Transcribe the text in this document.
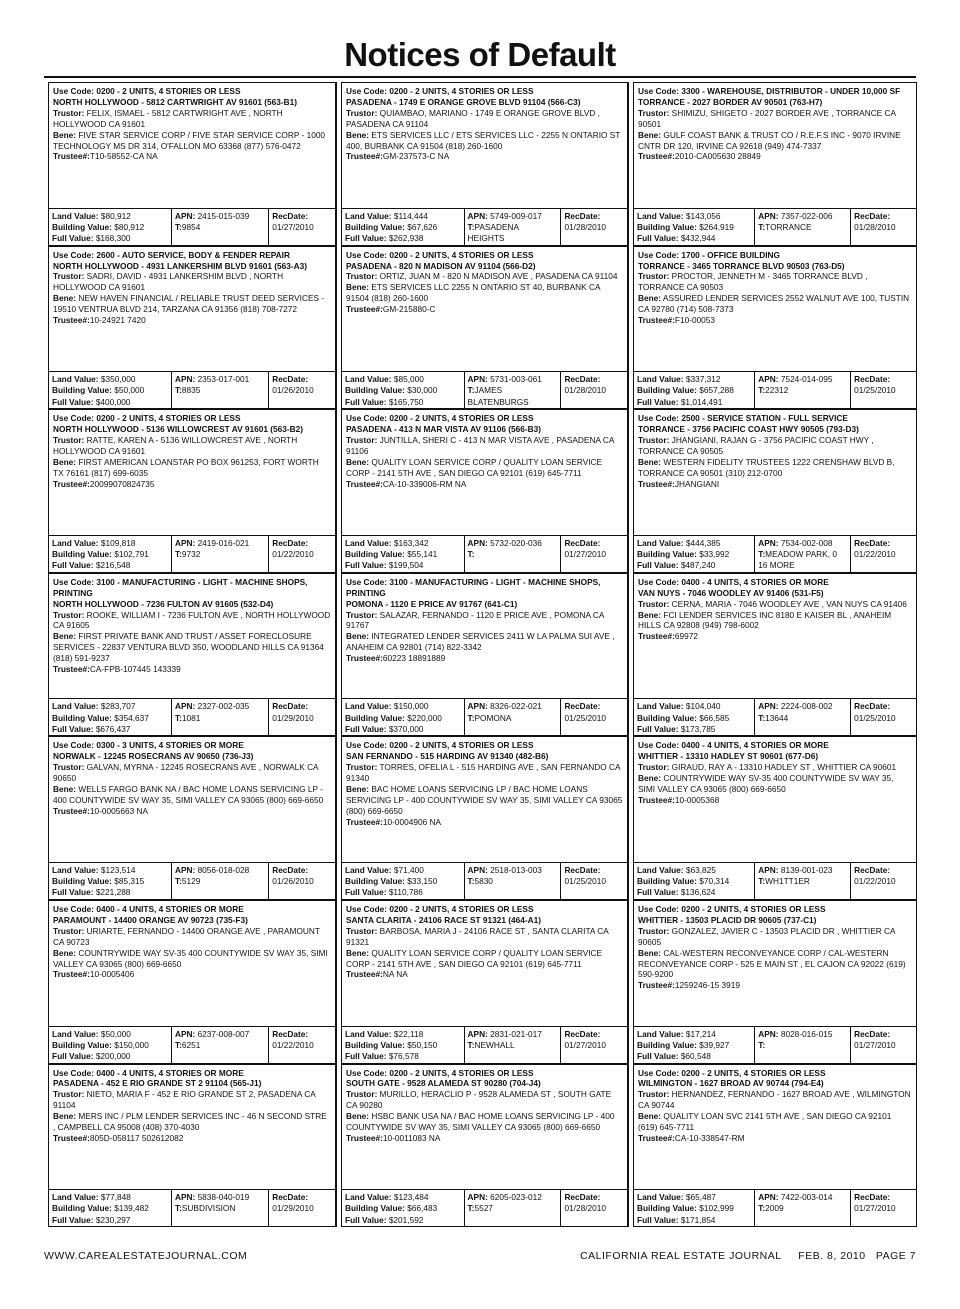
Notices of Default
Use Code: 0200 - 2 UNITS, 4 STORIES OR LESS
NORTH HOLLYWOOD - 5812 CARTWRIGHT AV 91601 (563-B1)
Trustor: FELIX, ISMAEL - 5812 CARTWRIGHT AVE , NORTH HOLLYWOOD CA 91601
Bene: FIVE STAR SERVICE CORP / FIVE STAR SERVICE CORP - 1000 TECHNOLOGY MS DR 314, O'FALLON MO 63368 (877) 576-0472
Trustee#:T10-58552-CA NA
Land Value: $80,912
Building Value: $80,912
Full Value: $168,300
APN: 2415-015-039
T:9854
RecDate:
01/27/2010
Use Code: 0200 - 2 UNITS, 4 STORIES OR LESS
PASADENA - 1749 E ORANGE GROVE BLVD 91104 (566-C3)
Trustor: QUIAMBAO, MARIANO - 1749 E ORANGE GROVE BLVD , PASADENA CA 91104
Bene: ETS SERVICES LLC / ETS SERVICES LLC - 2255 N ONTARIO ST 400, BURBANK CA 91504 (818) 260-1600
Trustee#:GM-237573-C NA
Land Value: $114,444
Building Value: $67,626
Full Value: $262,938
APN: 5749-009-017
T:PASADENA HEIGHTS
RecDate:
01/28/2010
Use Code: 3300 - WAREHOUSE, DISTRIBUTOR - UNDER 10,000 SF
TORRANCE - 2027 BORDER AV 90501 (763-H7)
Trustor: SHIMIZU, SHIGETO - 2027 BORDER AVE , TORRANCE CA 90501
Bene: GULF COAST BANK & TRUST CO / R.E.F.S INC - 9070 IRVINE CNTR DR 120, IRVINE CA 92618 (949) 474-7337
Trustee#:2010-CA005630 28849
Land Value: $143,056
Building Value: $264,919
Full Value: $432,944
APN: 7357-022-006
T:TORRANCE
RecDate:
01/28/2010
Use Code: 2600 - AUTO SERVICE, BODY & FENDER REPAIR
NORTH HOLLYWOOD - 4931 LANKERSHIM BLVD 91601 (563-A3)
Trustor: SADRI, DAVID - 4931 LANKERSHIM BLVD , NORTH HOLLYWOOD CA 91601
Bene: NEW HAVEN FINANCIAL / RELIABLE TRUST DEED SERVICES - 19510 VENTRUA BLVD 214, TARZANA CA 91356 (818) 708-7272
Trustee#:10-24921 7420
Land Value: $350,000
Building Value: $50,000
Full Value: $400,000
APN: 2353-017-001
T:8835
RecDate:
01/26/2010
Use Code: 0200 - 2 UNITS, 4 STORIES OR LESS
PASADENA - 820 N MADISON AV 91104 (566-D2)
Trustor: ORTIZ, JUAN M - 820 N MADISON AVE , PASADENA CA 91104
Bene: ETS SERVICES LLC 2255 N ONTARIO ST 40, BURBANK CA 91504 (818) 260-1600
Trustee#:GM-215880-C
Land Value: $85,000
Building Value: $30,000
Full Value: $165,750
APN: 5731-003-061
T:JAMES BLATENBURGS
RecDate:
01/28/2010
Use Code: 1700 - OFFICE BUILDING
TORRANCE - 3465 TORRANCE BLVD 90503 (763-D5)
Trustor: PROCTOR, JENNETH M - 3465 TORRANCE BLVD , TORRANCE CA 90503
Bene: ASSURED LENDER SERVICES 2552 WALNUT AVE 100, TUSTIN CA 92780 (714) 508-7373
Trustee#:F10-00053
Land Value: $337,312
Building Value: $657,288
Full Value: $1,014,491
APN: 7524-014-095
T:22312
RecDate:
01/25/2010
Use Code: 0200 - 2 UNITS, 4 STORIES OR LESS
NORTH HOLLYWOOD - 5136 WILLOWCREST AV 91601 (563-B2)
Trustor: RATTE, KAREN A - 5136 WILLOWCREST AVE , NORTH HOLLYWOOD CA 91601
Bene: FIRST AMERICAN LOANSTAR PO BOX 961253, FORT WORTH TX 76161 (817) 699-6035
Trustee#:20099070824735
Land Value: $109,818
Building Value: $102,791
Full Value: $216,548
APN: 2419-016-021
T:9732
RecDate:
01/22/2010
Use Code: 0200 - 2 UNITS, 4 STORIES OR LESS
PASADENA - 413 N MAR VISTA AV 91106 (566-B3)
Trustor: JUNTILLA, SHERI C - 413 N MAR VISTA AVE , PASADENA CA 91106
Bene: QUALITY LOAN SERVICE CORP / QUALITY LOAN SERVICE CORP - 2141 5TH AVE , SAN DIEGO CA 92101 (619) 645-7711
Trustee#:CA-10-339006-RM NA
Land Value: $163,342
Building Value: $55,141
Full Value: $199,504
APN: 5732-020-036
T:
RecDate:
01/27/2010
Use Code: 2500 - SERVICE STATION - FULL SERVICE
TORRANCE - 3756 PACIFIC COAST HWY 90505 (793-D3)
Trustor: JHANGIANI, RAJAN G - 3756 PACIFIC COAST HWY , TORRANCE CA 90505
Bene: WESTERN FIDELITY TRUSTEES 1222 CRENSHAW BLVD B, TORRANCE CA 90501 (310) 212-0700
Trustee#:JHANGIANI
Land Value: $444,385
Building Value: $33,992
Full Value: $487,240
APN: 7534-002-008
T:MEADOW PARK, 0 16 MORE
RecDate:
01/22/2010
Use Code: 3100 - MANUFACTURING - LIGHT - MACHINE SHOPS, PRINTING
NORTH HOLLYWOOD - 7236 FULTON AV 91605 (532-D4)
Trustor: ROOKE, WILLIAM I - 7236 FULTON AVE , NORTH HOLLYWOOD CA 91605
Bene: FIRST PRIVATE BANK AND TRUST / ASSET FORECLOSURE SERVICES - 22837 VENTURA BLVD 350, WOODLAND HILLS CA 91364 (818) 591-9237
Trustee#:CA-FPB-107445 143339
Land Value: $283,707
Building Value: $354,637
Full Value: $676,437
APN: 2327-002-035
T:1081
RecDate:
01/29/2010
Use Code: 3100 - MANUFACTURING - LIGHT - MACHINE SHOPS, PRINTING
POMONA - 1120 E PRICE AV 91767 (641-C1)
Trustor: SALAZAR, FERNANDO - 1120 E PRICE AVE , POMONA CA 91767
Bene: INTEGRATED LENDER SERVICES 2411 W LA PALMA SUI AVE , ANAHEIM CA 92801 (714) 822-3342
Trustee#:60223 18891889
Land Value: $150,000
Building Value: $220,000
Full Value: $370,000
APN: 8326-022-021
T:POMONA
RecDate:
01/25/2010
Use Code: 0400 - 4 UNITS, 4 STORIES OR MORE
VAN NUYS - 7046 WOODLEY AV 91406 (531-F5)
Trustor: CERNA, MARIA - 7046 WOODLEY AVE , VAN NUYS CA 91406
Bene: FCI LENDER SERVICES INC 8180 E KAISER BL , ANAHEIM HILLS CA 92808 (949) 798-6002
Trustee#:69972
Land Value: $104,040
Building Value: $66,585
Full Value: $173,785
APN: 2224-008-002
T:13644
RecDate:
01/25/2010
Use Code: 0300 - 3 UNITS, 4 STORIES OR MORE
NORWALK - 12245 ROSECRANS AV 90650 (736-J3)
Trustor: GALVAN, MYRNA - 12245 ROSECRANS AVE , NORWALK CA 90650
Bene: WELLS FARGO BANK NA / BAC HOME LOANS SERVICING LP - 400 COUNTYWIDE SV WAY 35, SIMI VALLEY CA 93065 (800) 669-6650
Trustee#:10-0005663 NA
Land Value: $123,514
Building Value: $85,315
Full Value: $221,288
APN: 8056-018-028
T:5129
RecDate:
01/26/2010
Use Code: 0200 - 2 UNITS, 4 STORIES OR LESS
SAN FERNANDO - 515 HARDING AV 91340 (482-B6)
Trustor: TORRES, OFELIA L - 515 HARDING AVE , SAN FERNANDO CA 91340
Bene: BAC HOME LOANS SERVICING LP / BAC HOME LOANS SERVICING LP - 400 COUNTYWIDE SV WAY 35, SIMI VALLEY CA 93065 (800) 669-6650
Trustee#:10-0004906 NA
Land Value: $71,400
Building Value: $33,150
Full Value: $110,786
APN: 2518-013-003
T:5830
RecDate:
01/25/2010
Use Code: 0400 - 4 UNITS, 4 STORIES OR MORE
WHITTIER - 13310 HADLEY ST 90601 (677-D6)
Trustor: GIRAUD, RAY A - 13310 HADLEY ST , WHITTIER CA 90601
Bene: COUNTRYWIDE WAY SV-35 400 COUNTYWIDE SV WAY 35, SIMI VALLEY CA 93065 (800) 669-6650
Trustee#:10-0005368
Land Value: $63,825
Building Value: $70,314
Full Value: $136,624
APN: 8139-001-023
T:WH1TT1ER
RecDate:
01/22/2010
Use Code: 0400 - 4 UNITS, 4 STORIES OR MORE
PARAMOUNT - 14400 ORANGE AV 90723 (735-F3)
Trustor: URIARTE, FERNANDO - 14400 ORANGE AVE , PARAMOUNT CA 90723
Bene: COUNTRYWIDE WAY SV-35 400 COUNTYWIDE SV WAY 35, SIMI VALLEY CA 93065 (800) 669-6650
Trustee#:10-0005406
Land Value: $50,000
Building Value: $150,000
Full Value: $200,000
APN: 6237-008-007
T:6251
RecDate:
01/22/2010
Use Code: 0200 - 2 UNITS, 4 STORIES OR LESS
SANTA CLARITA - 24106 RACE ST 91321 (464-A1)
Trustor: BARBOSA, MARIA J - 24106 RACE ST , SANTA CLARITA CA 91321
Bene: QUALITY LOAN SERVICE CORP / QUALITY LOAN SERVICE CORP - 2141 5TH AVE , SAN DIEGO CA 92101 (619) 645-7711
Trustee#:NA NA
Land Value: $22,118
Building Value: $50,150
Full Value: $76,578
APN: 2831-021-017
T:NEWHALL
RecDate:
01/27/2010
Use Code: 0200 - 2 UNITS, 4 STORIES OR LESS
WHITTIER - 13503 PLACID DR 90605 (737-C1)
Trustor: GONZALEZ, JAVIER C - 13503 PLACID DR , WHITTIER CA 90605
Bene: CAL-WESTERN RECONVEYANCE CORP / CAL-WESTERN RECONVEYANCE CORP - 525 E MAIN ST , EL CAJON CA 92022 (619) 590-9200
Trustee#:1259246-15 3919
Land Value: $17,214
Building Value: $39,927
Full Value: $60,548
APN: 8028-016-015
T:
RecDate:
01/27/2010
Use Code: 0400 - 4 UNITS, 4 STORIES OR MORE
PASADENA - 452 E RIO GRANDE ST 2 91104 (565-J1)
Trustor: NIETO, MARIA F - 452 E RIO GRANDE ST 2, PASADENA CA 91104
Bene: MERS INC / PLM LENDER SERVICES INC - 46 N SECOND STRE , CAMPBELL CA 95008 (408) 370-4030
Trustee#:805D-058117 502612082
Land Value: $77,848
Building Value: $139,482
Full Value: $230,297
APN: 5838-040-019
T:SUBDIVISION
RecDate:
01/29/2010
Use Code: 0200 - 2 UNITS, 4 STORIES OR LESS
SOUTH GATE - 9528 ALAMEDA ST 90280 (704-J4)
Trustor: MURILLO, HERACLIO P - 9528 ALAMEDA ST , SOUTH GATE CA 90280
Bene: HSBC BANK USA NA / BAC HOME LOANS SERVICING LP - 400 COUNTYWIDE SV WAY 35, SIMI VALLEY CA 93065 (800) 669-6650
Trustee#:10-0011083 NA
Land Value: $123,484
Building Value: $66,483
Full Value: $201,592
APN: 6205-023-012
T:5527
RecDate:
01/28/2010
Use Code: 0200 - 2 UNITS, 4 STORIES OR LESS
WILMINGTON - 1627 BROAD AV 90744 (794-E4)
Trustor: HERNANDEZ, FERNANDO - 1627 BROAD AVE , WILMINGTON CA 90744
Bene: QUALITY LOAN SVC 2141 5TH AVE , SAN DIEGO CA 92101 (619) 645-7711
Trustee#:CA-10-338547-RM
Land Value: $65,487
Building Value: $102,999
Full Value: $171,854
APN: 7422-003-014
T:2009
RecDate:
01/27/2010
WWW.CAREALESTATEJOURNAL.COM	CALIFORNIA REAL ESTATE JOURNAL     FEB. 8, 2010   PAGE 7
